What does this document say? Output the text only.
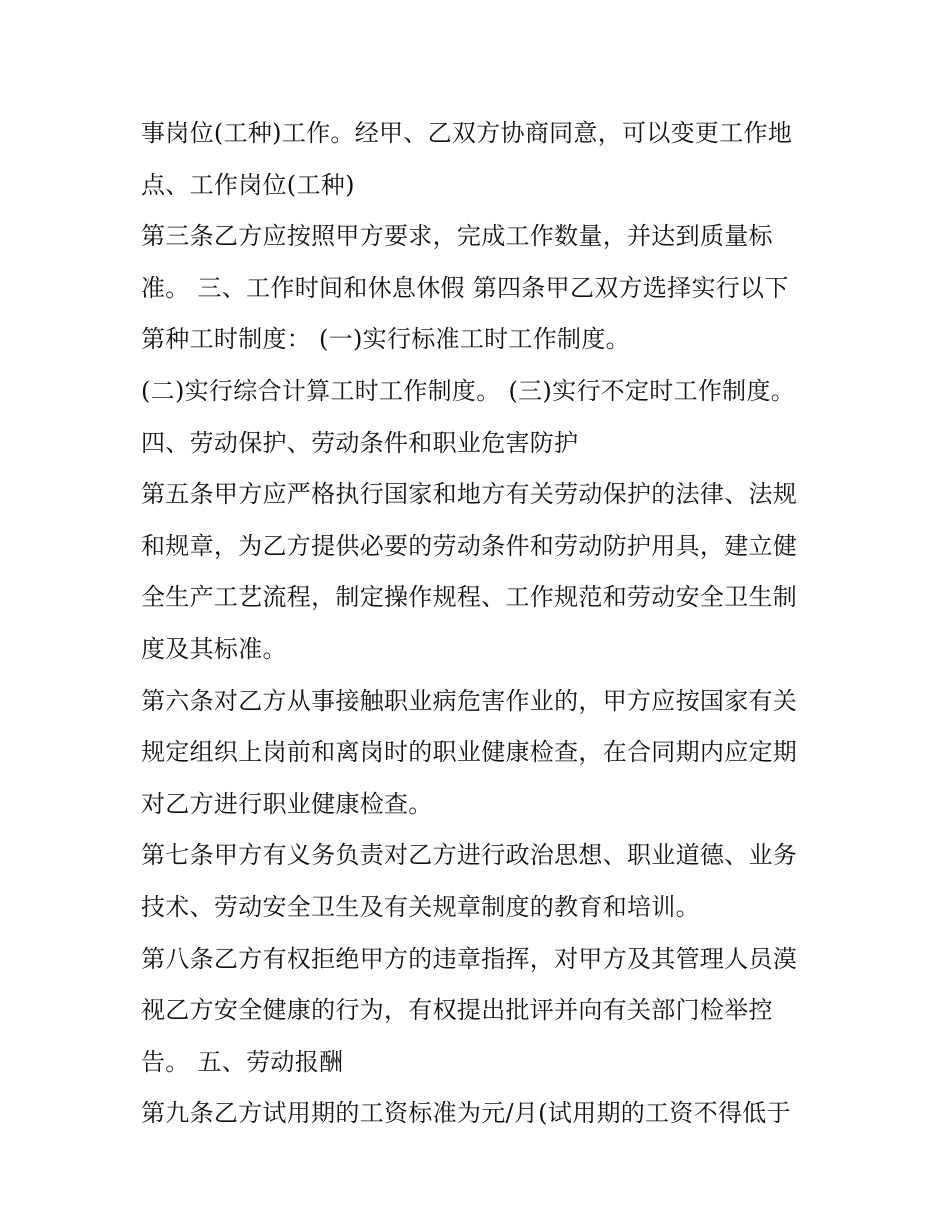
事岗位(工种)工作。经甲、乙双方协商同意，可以变更工作地
点、工作岗位(工种)
第三条乙方应按照甲方要求，完成工作数量，并达到质量标
准。 三、工作时间和休息休假 第四条甲乙双方选择实行以下
第种工时制度： (一)实行标准工时工作制度。
(二)实行综合计算工时工作制度。 (三)实行不定时工作制度。
四、劳动保护、劳动条件和职业危害防护
第五条甲方应严格执行国家和地方有关劳动保护的法律、法规
和规章，为乙方提供必要的劳动条件和劳动防护用具，建立健
全生产工艺流程，制定操作规程、工作规范和劳动安全卫生制
度及其标准。
第六条对乙方从事接触职业病危害作业的，甲方应按国家有关
规定组织上岗前和离岗时的职业健康检查，在合同期内应定期
对乙方进行职业健康检查。
第七条甲方有义务负责对乙方进行政治思想、职业道德、业务
技术、劳动安全卫生及有关规章制度的教育和培训。
第八条乙方有权拒绝甲方的违章指挥，对甲方及其管理人员漠
视乙方安全健康的行为，有权提出批评并向有关部门检举控
告。 五、劳动报酬
第九条乙方试用期的工资标准为元/月(试用期的工资不得低于
